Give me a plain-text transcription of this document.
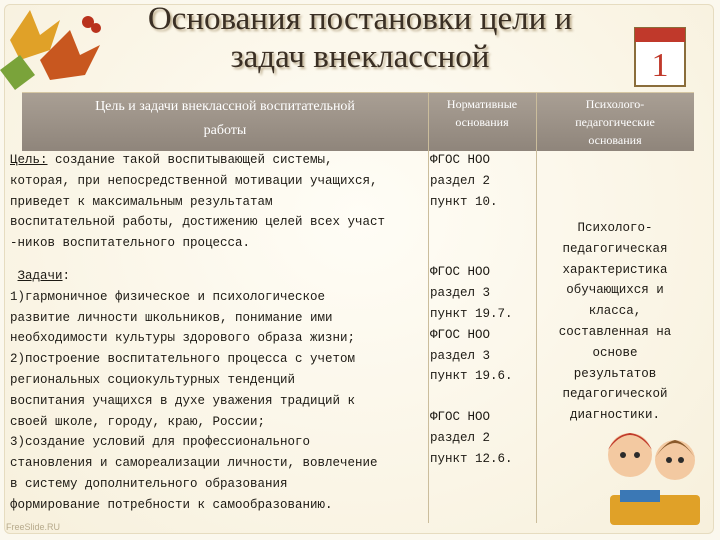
1
Основания постановки цели и
задач внеклассной
Цель и задачи внеклассной воспитательной
работы
Нормативные
основания
Психолого-
педагогические
основания
Цель: создание такой воспитывающей системы,
которая, при непосредственной мотивации учащихся,
приведет к максимальным результатам
воспитательной работы, достижению целей всех участ
-ников воспитательного процесса.
Задачи:
1)гармоничное физическое и психологическое
развитие личности школьников, понимание ими
необходимости культуры здорового образа жизни;
2)построение воспитательного процесса с учетом
региональных социокультурных тенденций
воспитания учащихся в духе уважения традиций к
своей школе, городу, краю, России;
3)создание условий для профессионального
становления и самореализации личности, вовлечение
в систему дополнительного образования
формирование потребности к самообразованию.
ФГОС НОО
раздел 2
пункт 10.
ФГОС НОО
раздел 3
пункт 19.7.
ФГОС НОО
раздел 3
пункт 19.6.
ФГОС НОО
раздел 2
пункт 12.6.
Психолого-
педагогическая
характеристика
обучающихся и
класса,
составленная на
основе
результатов
педагогической
диагностики.
FreeSlide.RU
